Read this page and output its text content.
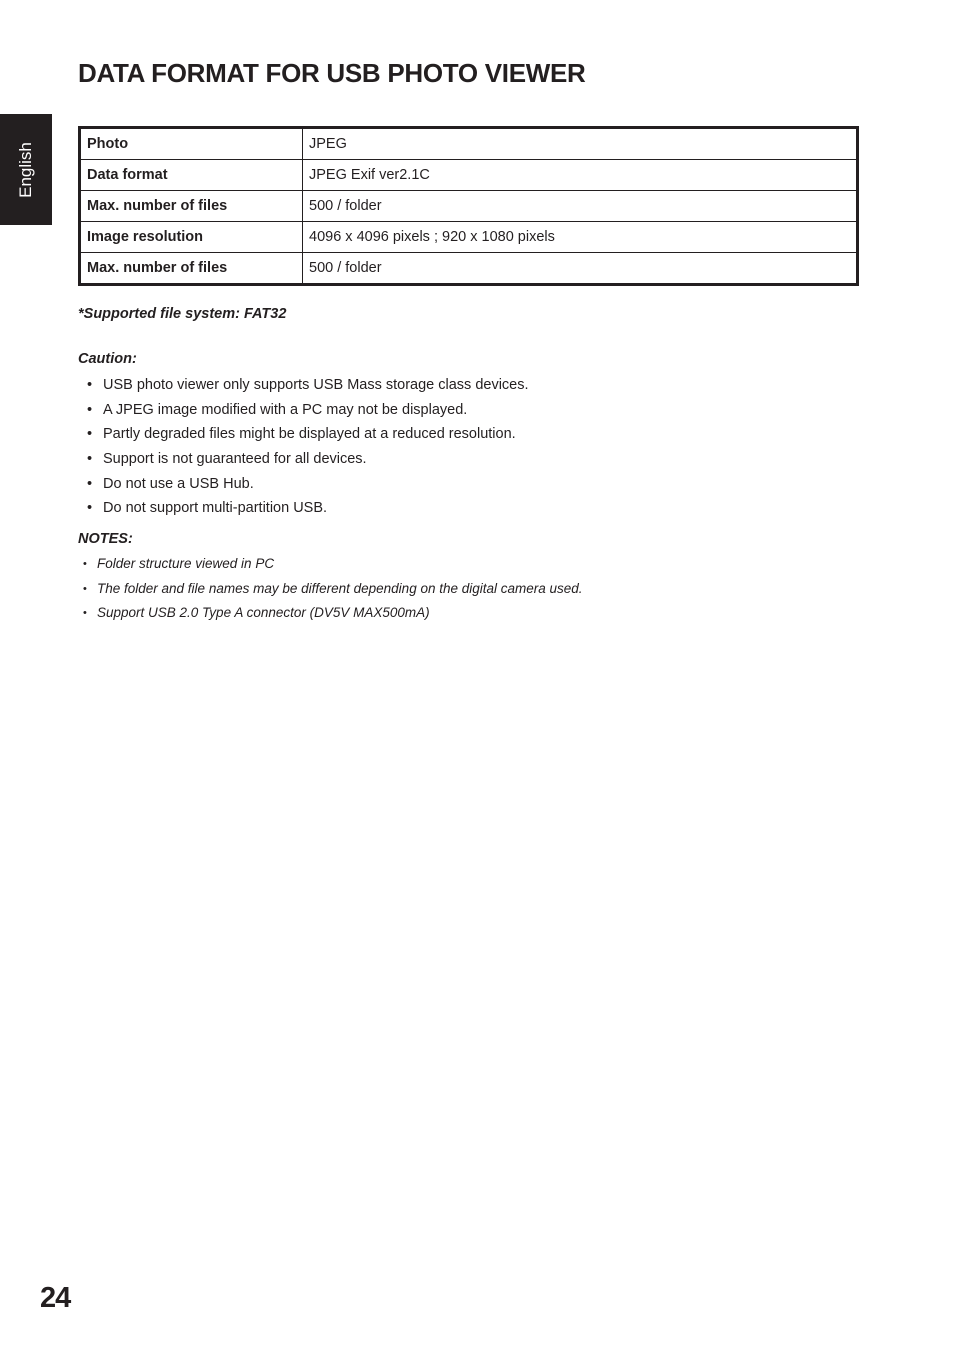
English
DATA FORMAT FOR USB PHOTO VIEWER
Photo	JPEG
Data format	JPEG Exif ver2.1C
Max. number of files	500 / folder
Image resolution	4096 x 4096 pixels ; 920 x 1080 pixels
Max. number of files	500 / folder

*Supported file system: FAT32

Caution:

• USB photo viewer only supports USB Mass storage class devices.
• A JPEG image modified with a PC may not be displayed.
• Partly degraded files might be displayed at a reduced resolution.
• Support is not guaranteed for all devices.
• Do not use a USB Hub.
• Do not support multi-partition USB.

NOTES:

• Folder structure viewed in PC
• The folder and file names may be different depending on the digital camera used.
• Support USB 2.0 Type A connector (DV5V MAX500mA)

24
